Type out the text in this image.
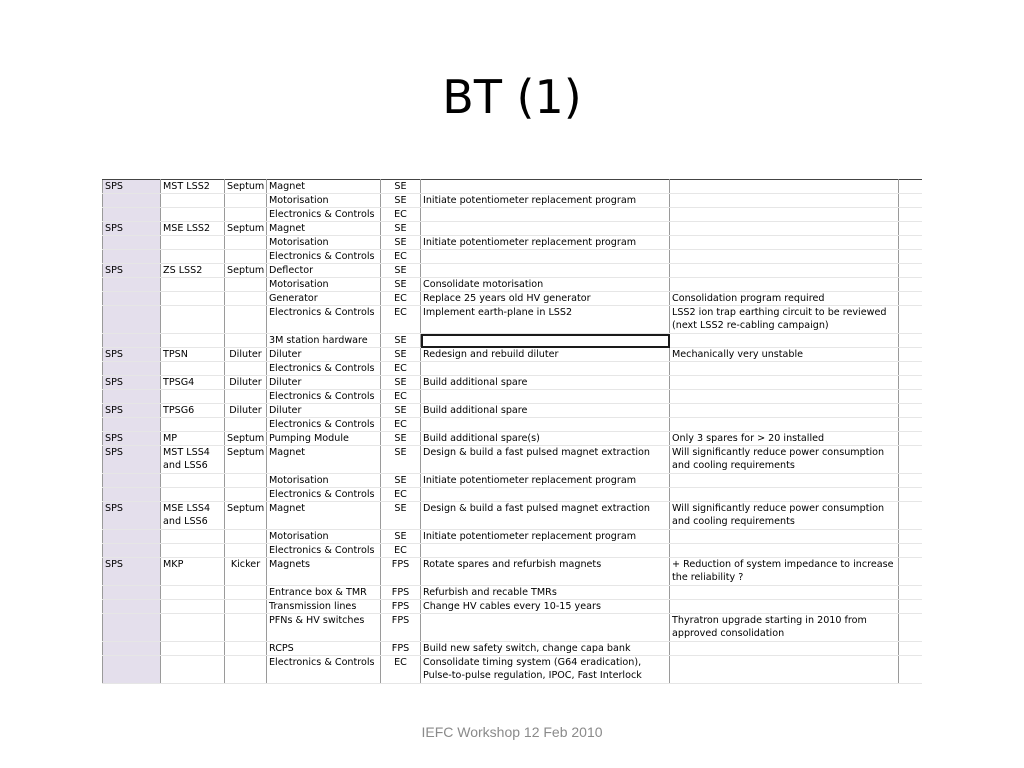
BT (1)
SPS	MST LSS2	Septum	Magnet	SE			
			Motorisation	SE	Initiate potentiometer replacement program		
			Electronics & Controls	EC			
SPS	MSE LSS2	Septum	Magnet	SE			
			Motorisation	SE	Initiate potentiometer replacement program		
			Electronics & Controls	EC			
SPS	ZS LSS2	Septum	Deflector	SE			
			Motorisation	SE	Consolidate motorisation		
			Generator	EC	Replace 25 years old HV generator	Consolidation program required	
			Electronics & Controls	EC	Implement earth-plane in LSS2	LSS2 ion trap earthing circuit to be reviewed (next LSS2 re-cabling campaign)	
			3M station hardware	SE			
SPS	TPSN	Diluter	Diluter	SE	Redesign and rebuild diluter	Mechanically very unstable	
			Electronics & Controls	EC			
SPS	TPSG4	Diluter	Diluter	SE	Build additional spare		
			Electronics & Controls	EC			
SPS	TPSG6	Diluter	Diluter	SE	Build additional spare		
			Electronics & Controls	EC			
SPS	MP	Septum	Pumping Module	SE	Build additional spare(s)	Only 3 spares for > 20 installed	
SPS	MST LSS4 and LSS6	Septum	Magnet	SE	Design & build a fast pulsed magnet extraction	Will significantly reduce power consumption and cooling requirements	
			Motorisation	SE	Initiate potentiometer replacement program		
			Electronics & Controls	EC			
SPS	MSE LSS4 and LSS6	Septum	Magnet	SE	Design & build a fast pulsed magnet extraction	Will significantly reduce power consumption and cooling requirements	
			Motorisation	SE	Initiate potentiometer replacement program		
			Electronics & Controls	EC			
SPS	MKP	Kicker	Magnets	FPS	Rotate spares and refurbish magnets	+ Reduction of system impedance to increase the reliability ?	
			Entrance box & TMR	FPS	Refurbish and recable TMRs		
			Transmission lines	FPS	Change HV cables every 10-15 years		
			PFNs & HV switches	FPS		Thyratron upgrade starting in 2010 from approved consolidation	
			RCPS	FPS	Build new safety switch, change capa bank		
			Electronics & Controls	EC	Consolidate timing system (G64 eradication), Pulse-to-pulse regulation, IPOC, Fast Interlock		
IEFC Workshop 12 Feb 2010
